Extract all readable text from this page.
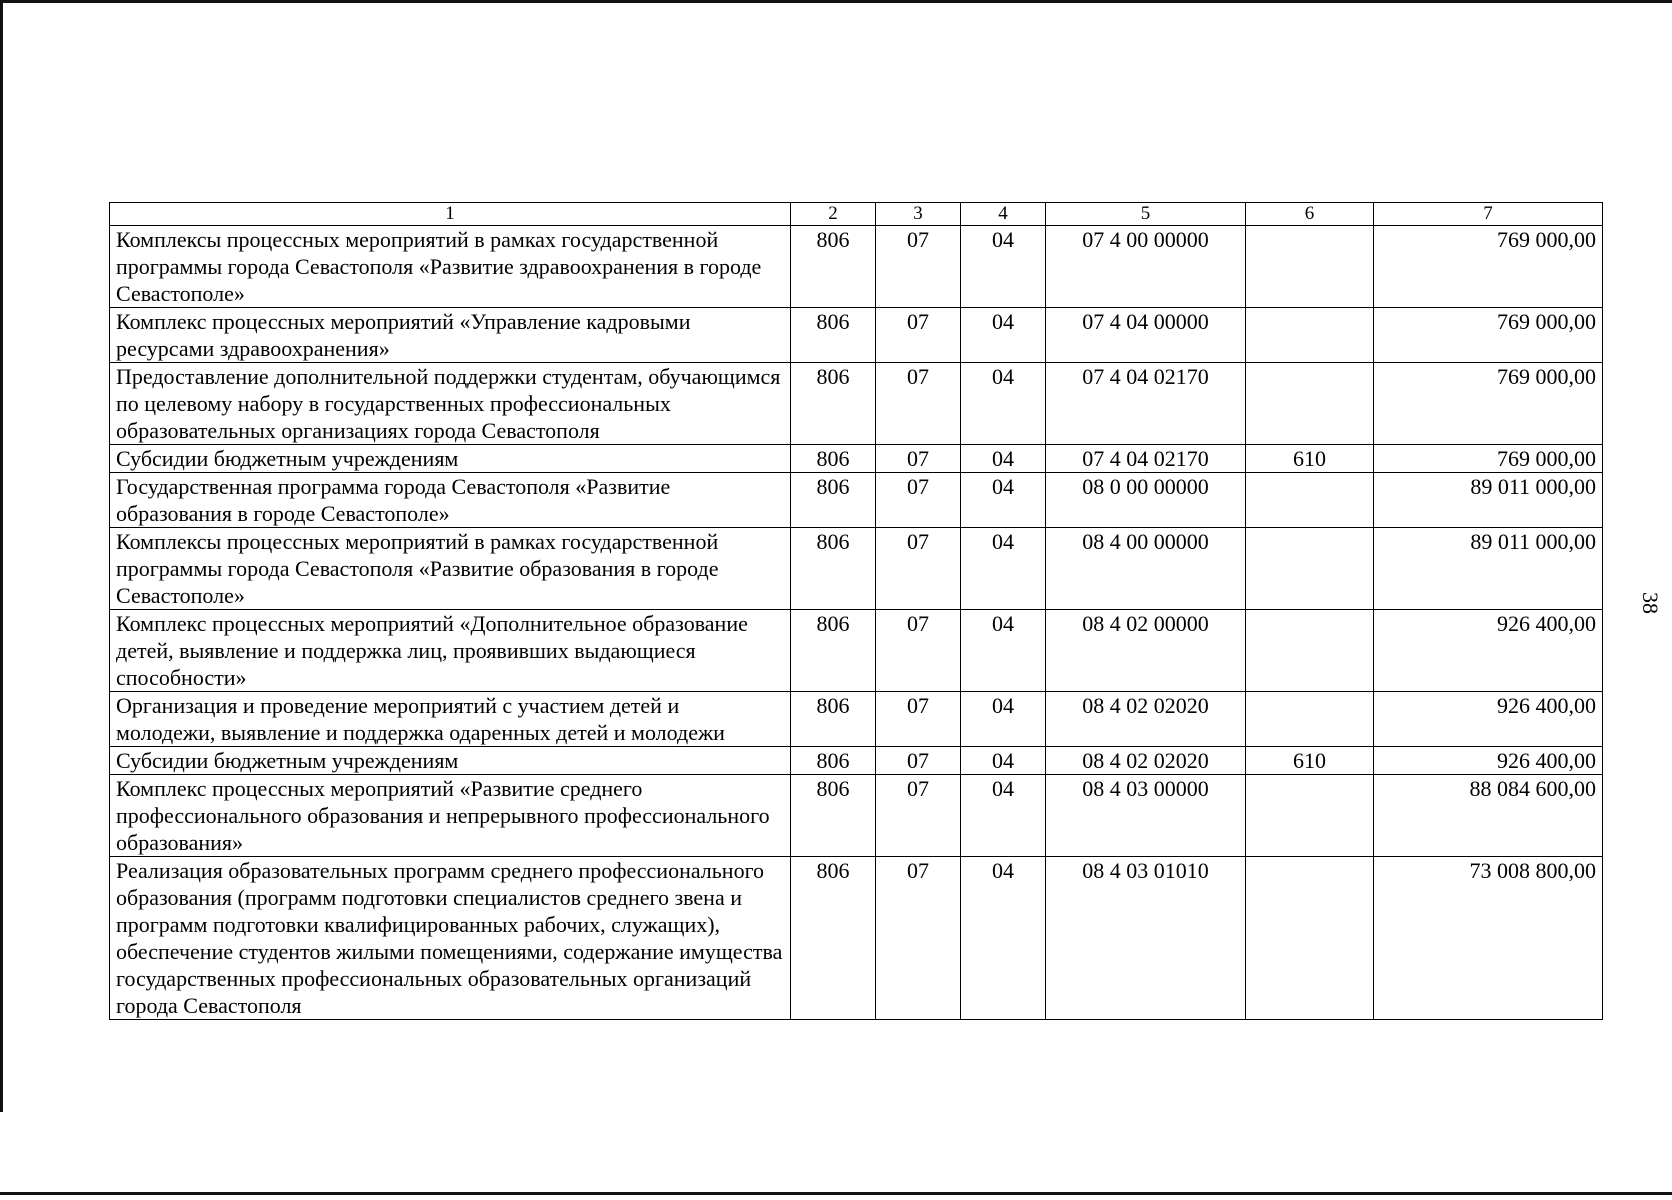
38
1	2	3	4	5	6	7
Комплексы процессных мероприятий в рамках государственной программы города Севастополя «Развитие здравоохранения в городе Севастополе»	806	07	04	07 4 00 00000		769 000,00
Комплекс процессных мероприятий «Управление кадровыми ресурсами здравоохранения»	806	07	04	07 4 04 00000		769 000,00
Предоставление дополнительной поддержки студентам, обучающимся по целевому набору в государственных профессиональных образовательных организациях города Севастополя	806	07	04	07 4 04 02170		769 000,00
Субсидии бюджетным учреждениям	806	07	04	07 4 04 02170	610	769 000,00
Государственная программа города Севастополя «Развитие образования в городе Севастополе»	806	07	04	08 0 00 00000		89 011 000,00
Комплексы процессных мероприятий в рамках государственной программы города Севастополя «Развитие образования в городе Севастополе»	806	07	04	08 4 00 00000		89 011 000,00
Комплекс процессных мероприятий «Дополнительное образование детей, выявление и поддержка лиц, проявивших выдающиеся способности»	806	07	04	08 4 02 00000		926 400,00
Организация и проведение мероприятий с участием детей и молодежи, выявление и поддержка одаренных детей и молодежи	806	07	04	08 4 02 02020		926 400,00
Субсидии бюджетным учреждениям	806	07	04	08 4 02 02020	610	926 400,00
Комплекс процессных мероприятий «Развитие среднего профессионального образования и непрерывного профессионального образования»	806	07	04	08 4 03 00000		88 084 600,00
Реализация образовательных программ среднего профессионального образования (программ подготовки специалистов среднего звена и программ подготовки квалифицированных рабочих, служащих), обеспечение студентов жилыми помещениями, содержание имущества государственных профессиональных образовательных организаций города Севастополя	806	07	04	08 4 03 01010		73 008 800,00
